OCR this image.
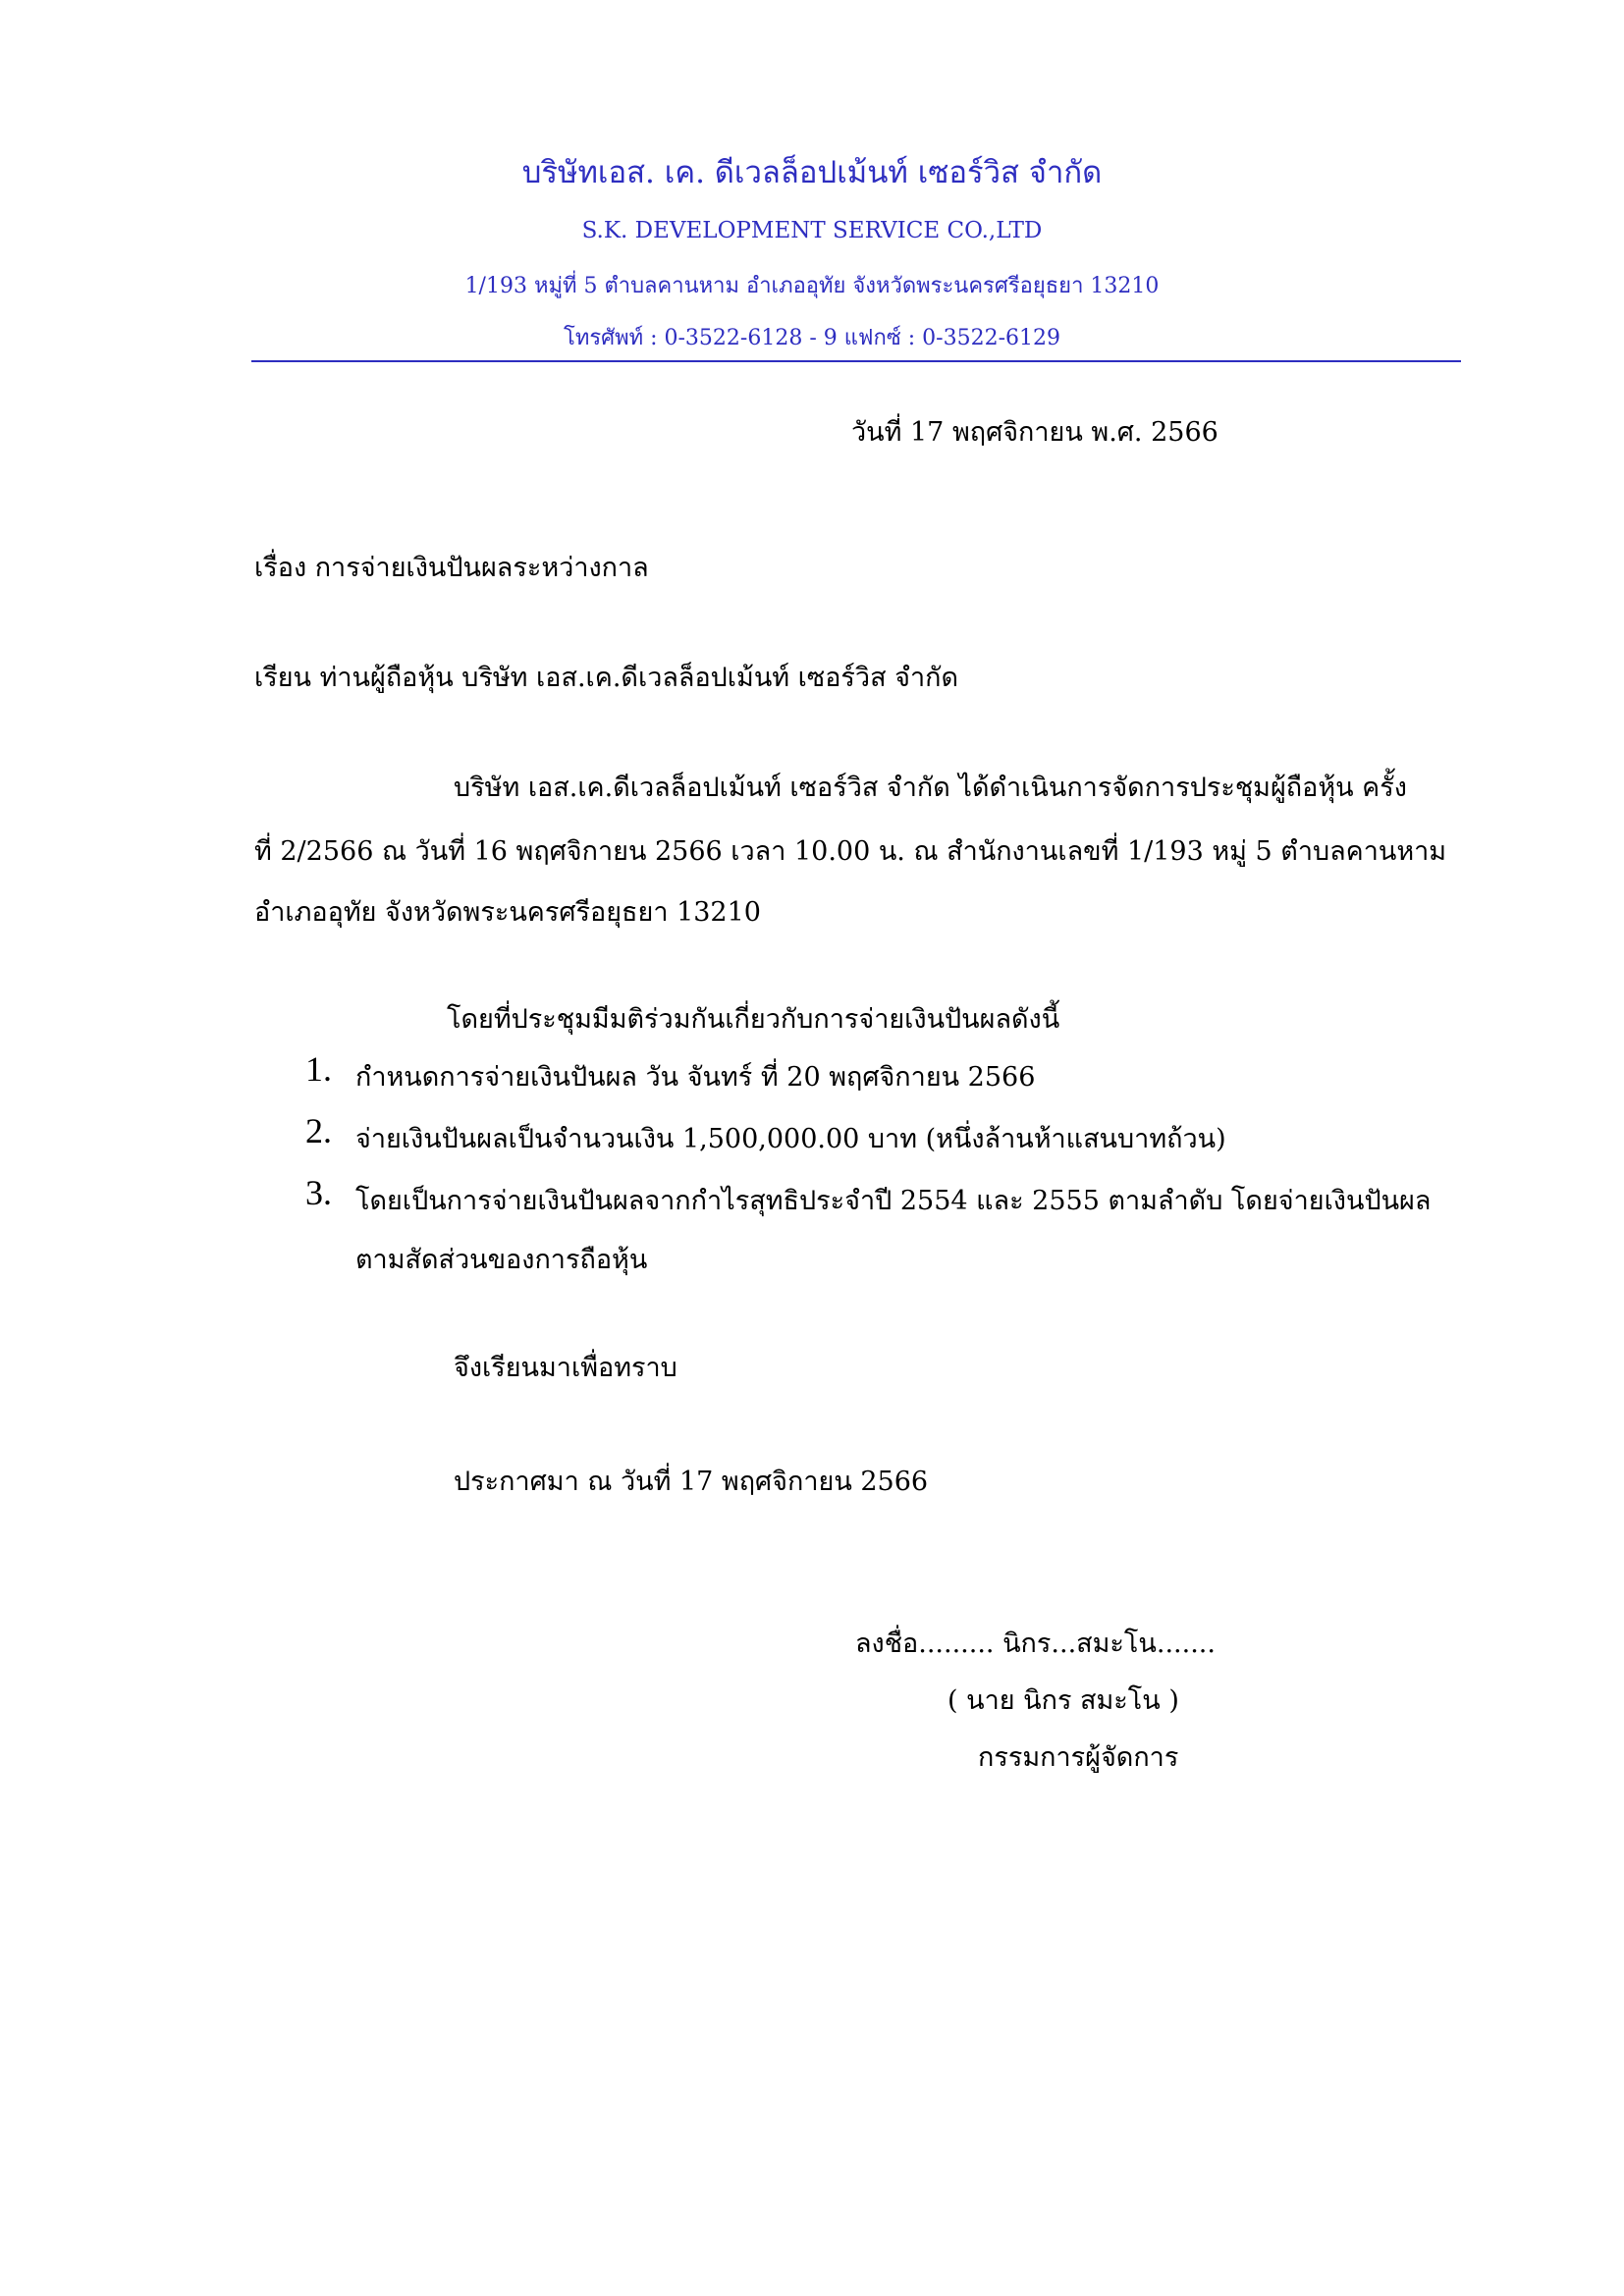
บริษัทเอส. เค. ดีเวลล็อปเม้นท์ เซอร์วิส จำกัด
S.K. DEVELOPMENT SERVICE CO.,LTD
1/193 หมู่ที่ 5 ตำบลคานหาม อำเภออุทัย จังหวัดพระนครศรีอยุธยา 13210
โทรศัพท์ : 0-3522-6128 - 9 แฟกซ์ : 0-3522-6129
วันที่ 17 พฤศจิกายน พ.ศ. 2566
เรื่อง การจ่ายเงินปันผลระหว่างกาล
เรียน ท่านผู้ถือหุ้น บริษัท เอส.เค.ดีเวลล็อปเม้นท์ เซอร์วิส จำกัด
บริษัท เอส.เค.ดีเวลล็อปเม้นท์ เซอร์วิส จำกัด ได้ดำเนินการจัดการประชุมผู้ถือหุ้น ครั้ง
ที่ 2/2566 ณ วันที่ 16 พฤศจิกายน 2566 เวลา 10.00 น. ณ สำนักงานเลขที่ 1/193 หมู่ 5 ตำบลคานหาม
อำเภออุทัย จังหวัดพระนครศรีอยุธยา 13210
โดยที่ประชุมมีมติร่วมกันเกี่ยวกับการจ่ายเงินปันผลดังนี้
1. กำหนดการจ่ายเงินปันผล วัน จันทร์ ที่ 20 พฤศจิกายน 2566
2. จ่ายเงินปันผลเป็นจำนวนเงิน 1,500,000.00 บาท (หนึ่งล้านห้าแสนบาทถ้วน)
3. โดยเป็นการจ่ายเงินปันผลจากกำไรสุทธิประจำปี 2554 และ 2555 ตามลำดับ โดยจ่ายเงินปันผล
ตามสัดส่วนของการถือหุ้น
จึงเรียนมาเพื่อทราบ
ประกาศมา ณ วันที่ 17 พฤศจิกายน 2566
ลงชื่อ......... นิกร...สมะโน.......
( นาย นิกร สมะโน )
กรรมการผู้จัดการ
